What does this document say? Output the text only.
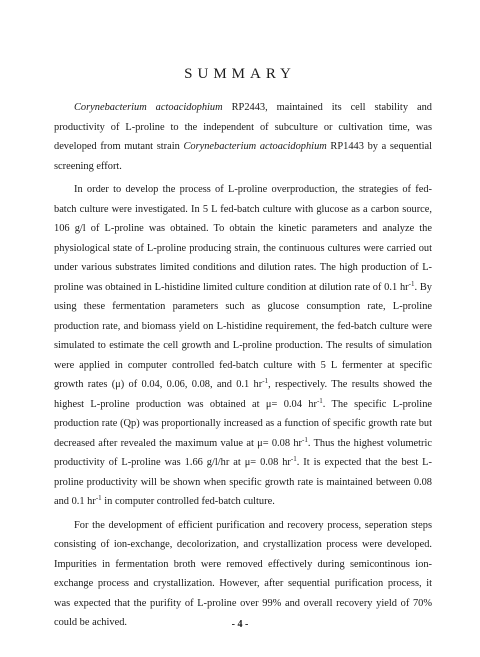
SUMMARY

Corynebacterium actoacidophium RP2443, maintained its cell stability and productivity of L-proline to the independent of subculture or cultivation time, was developed from mutant strain Corynebacterium actoacidophium RP1443 by a sequential screening effort.

In order to develop the process of L-proline overproduction, the strategies of fed-batch culture were investigated. In 5 L fed-batch culture with glucose as a carbon source, 106 g/l of L-proline was obtained. To obtain the kinetic parameters and analyze the physiological state of L-proline producing strain, the continuous cultures were carried out under various substrates limited conditions and dilution rates. The high production of L-proline was obtained in L-histidine limited culture condition at dilution rate of 0.1 $hr^{-1}$. By using these fermentation parameters such as glucose consumption rate, L-proline production rate, and biomass yield on L-histidine requirement, the fed-batch culture were simulated to estimate the cell growth and L-proline production. The results of simulation were applied in computer controlled fed-batch culture with 5 L fermenter at specific growth rates (μ) of 0.04, 0.06, 0.08, and 0.1 $hr^{-1}$, respectively. The results showed the highest L-proline production was obtained at μ= 0.04 $hr^{-1}$. The specific L-proline production rate (Qp) was proportionally increased as a function of specific growth rate but decreased after revealed the maximum value at μ= 0.08 $hr^{-1}$. Thus the highest volumetric productivity of L-proline was 1.66 g/l/hr at μ= 0.08 $hr^{-1}$. It is expected that the best L-proline productivity will be shown when specific growth rate is maintained between 0.08 and 0.1 $hr^{-1}$ in computer controlled fed-batch culture.

For the development of efficient purification and recovery process, seperation steps consisting of ion-exchange, decolorization, and crystallization process were developed. Impurities in fermentation broth were removed effectively during semicontinous ion-exchange process and crystallization. However, after sequential purification process, it was expected that the purifity of L-proline over 99% and overall recovery yield of 70% could be achived.	- 4 -
